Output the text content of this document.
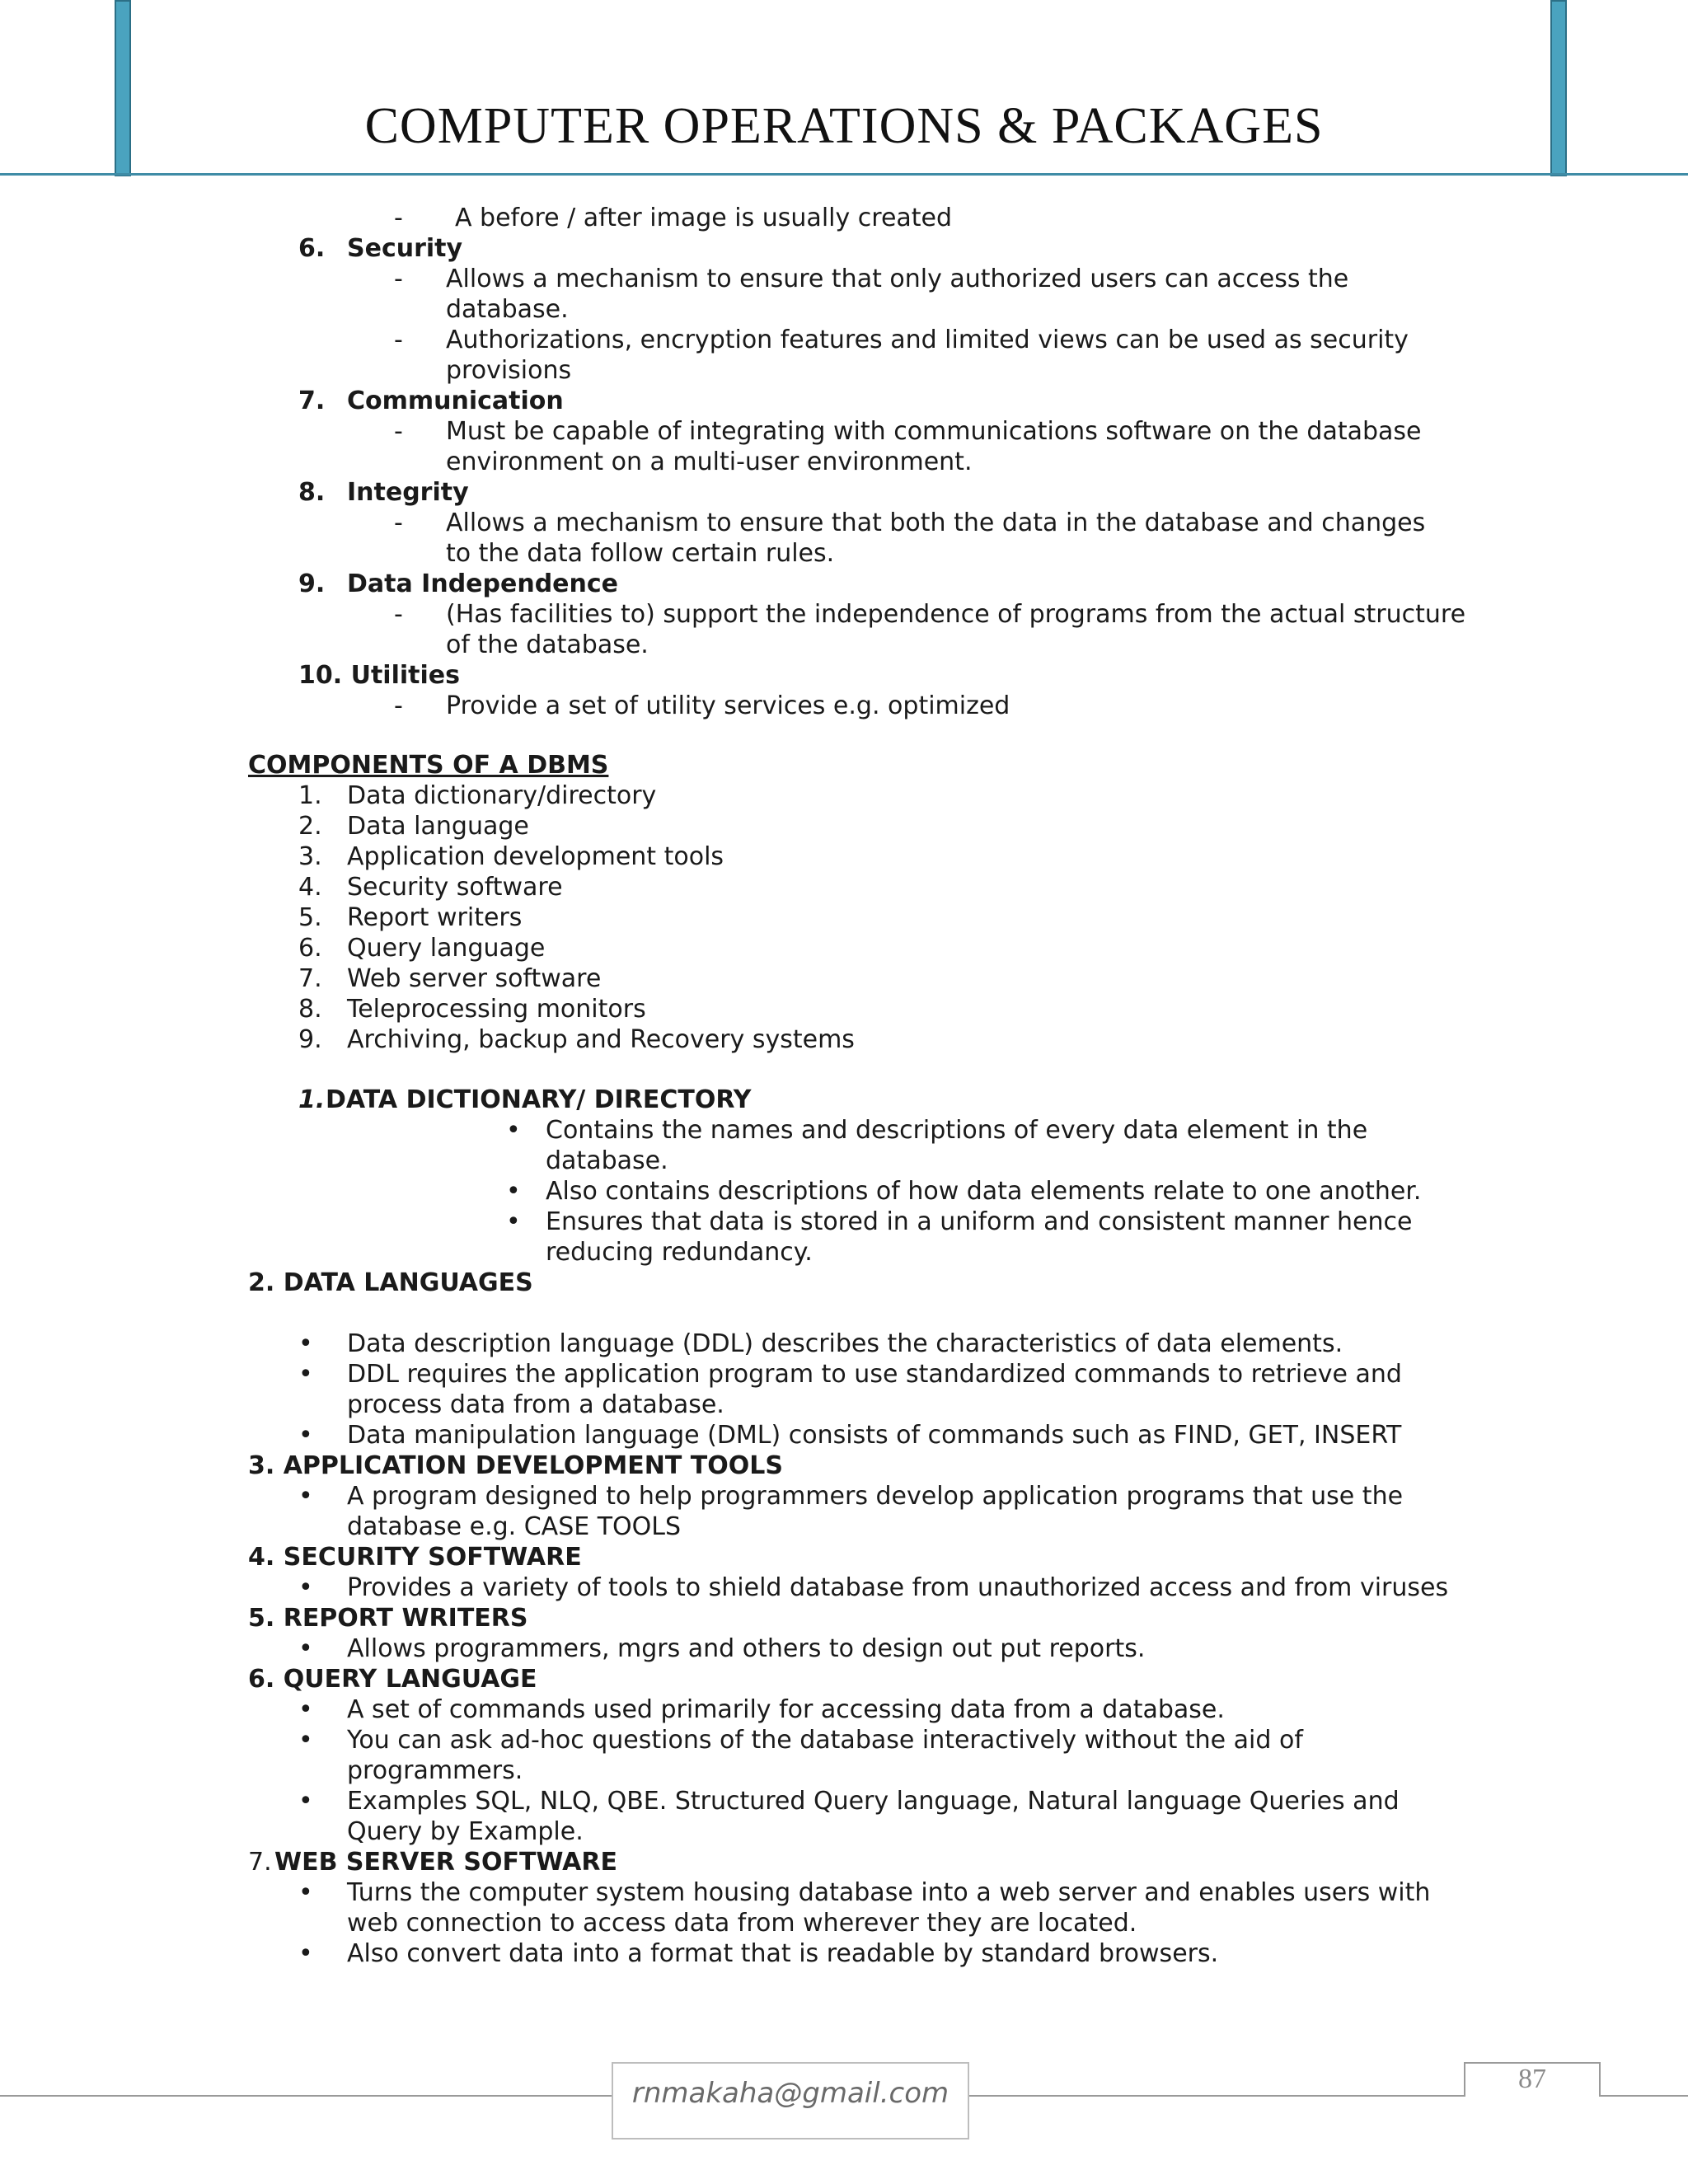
COMPUTER OPERATIONS & PACKAGES
- A before / after image is usually created
6. Security
- Allows a mechanism to ensure that only authorized users can access the
database.
- Authorizations, encryption features and limited views can be used as security
provisions
7. Communication
- Must be capable of integrating with communications software on the database
environment on a multi-user environment.
8. Integrity
- Allows a mechanism to ensure that both the data in the database and changes
to the data follow certain rules.
9. Data Independence
- (Has facilities to) support the independence of programs from the actual structure
of the database.
10. Utilities
- Provide a set of utility services e.g. optimized
COMPONENTS OF A DBMS
1. Data dictionary/directory
2. Data language
3. Application development tools
4. Security software
5. Report writers
6. Query language
7. Web server software
8. Teleprocessing monitors
9. Archiving, backup and Recovery systems
1. DATA DICTIONARY/ DIRECTORY
• Contains the names and descriptions of every data element in the
database.
• Also contains descriptions of how data elements relate to one another.
• Ensures that data is stored in a uniform and consistent manner hence
reducing redundancy.
2. DATA LANGUAGES
• Data description language (DDL) describes the characteristics of data elements.
• DDL requires the application program to use standardized commands to retrieve and
process data from a database.
• Data manipulation language (DML) consists of commands such as FIND, GET, INSERT
3. APPLICATION DEVELOPMENT TOOLS
• A program designed to help programmers develop application programs that use the
database e.g. CASE TOOLS
4. SECURITY SOFTWARE
• Provides a variety of tools to shield database from unauthorized access and from viruses
5. REPORT WRITERS
• Allows programmers, mgrs and others to design out put reports.
6. QUERY LANGUAGE
• A set of commands used primarily for accessing data from a database.
• You can ask ad-hoc questions of the database interactively without the aid of
programmers.
• Examples SQL, NLQ, QBE. Structured Query language, Natural language Queries and
Query by Example.
7. WEB SERVER SOFTWARE
• Turns the computer system housing database into a web server and enables users with
web connection to access data from wherever they are located.
• Also convert data into a format that is readable by standard browsers.
rnmakaha@gmail.com	87
